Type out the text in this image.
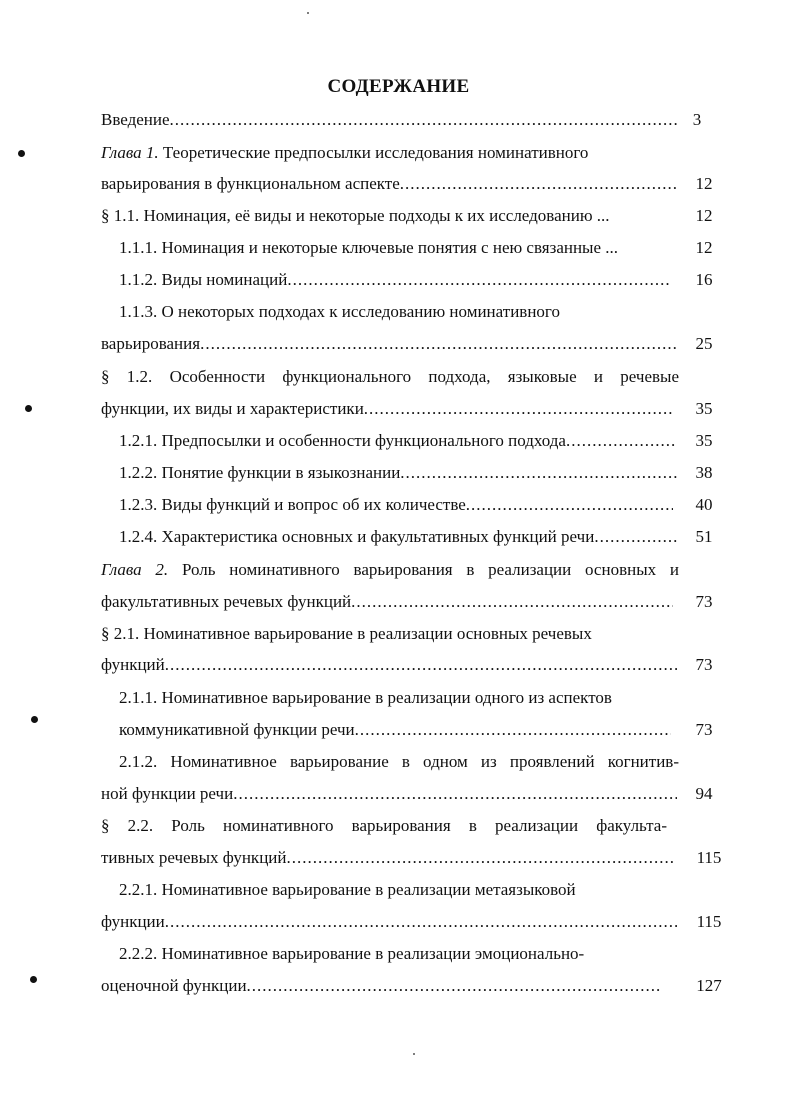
СОДЕРЖАНИЕ
Введение .....	3
Глава 1. Теоретические предпосылки исследования номинативного
варьирования в функциональном аспекте .....	12
§ 1.1. Номинация, её виды и некоторые подходы к их исследованию ...	12
1.1.1. Номинация и некоторые ключевые понятия с нею связанные ...	12
1.1.2. Виды номинаций .....	16
1.1.3. О некоторых подходах к исследованию номинативного
варьирования .....	25
§ 1.2. Особенности функционального подхода, языковые и речевые
функции, их виды и характеристики .....	35
1.2.1. Предпосылки и особенности функционального подхода .....	35
1.2.2. Понятие функции в языкознании .....	38
1.2.3. Виды функций и вопрос об их количестве .....	40
1.2.4. Характеристика основных и факультативных функций речи .....	51
Глава 2. Роль номинативного варьирования в реализации основных и
факультативных речевых функций .....	73
§ 2.1. Номинативное варьирование в реализации основных речевых
функций .....	73
2.1.1. Номинативное варьирование в реализации одного из аспектов
коммуникативной функции речи .....	73
2.1.2. Номинативное варьирование в одном из проявлений когнитив-
ной функции речи .....	94
§ 2.2. Роль номинативного варьирования в реализации факульта-
тивных речевых функций .....	115
2.2.1. Номинативное варьирование в реализации метаязыковой
функции .....	115
2.2.2. Номинативное варьирование в реализации эмоционально-
оценочной функции .....	127
